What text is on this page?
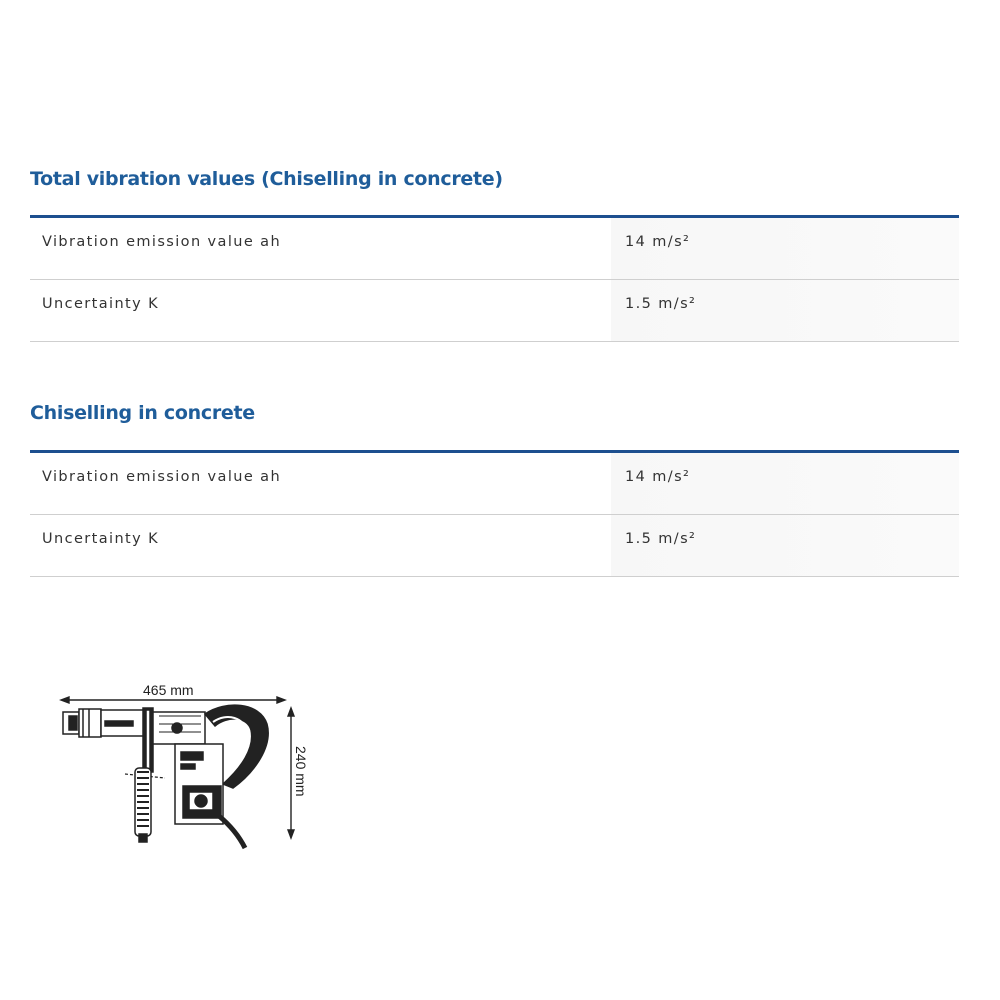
Total vibration values (Chiselling in concrete)
Vibration emission value ah	14 m/s²
Uncertainty K	1.5 m/s²
Chiselling in concrete
Vibration emission value ah	14 m/s²
Uncertainty K	1.5 m/s²
465 mm
240 mm
